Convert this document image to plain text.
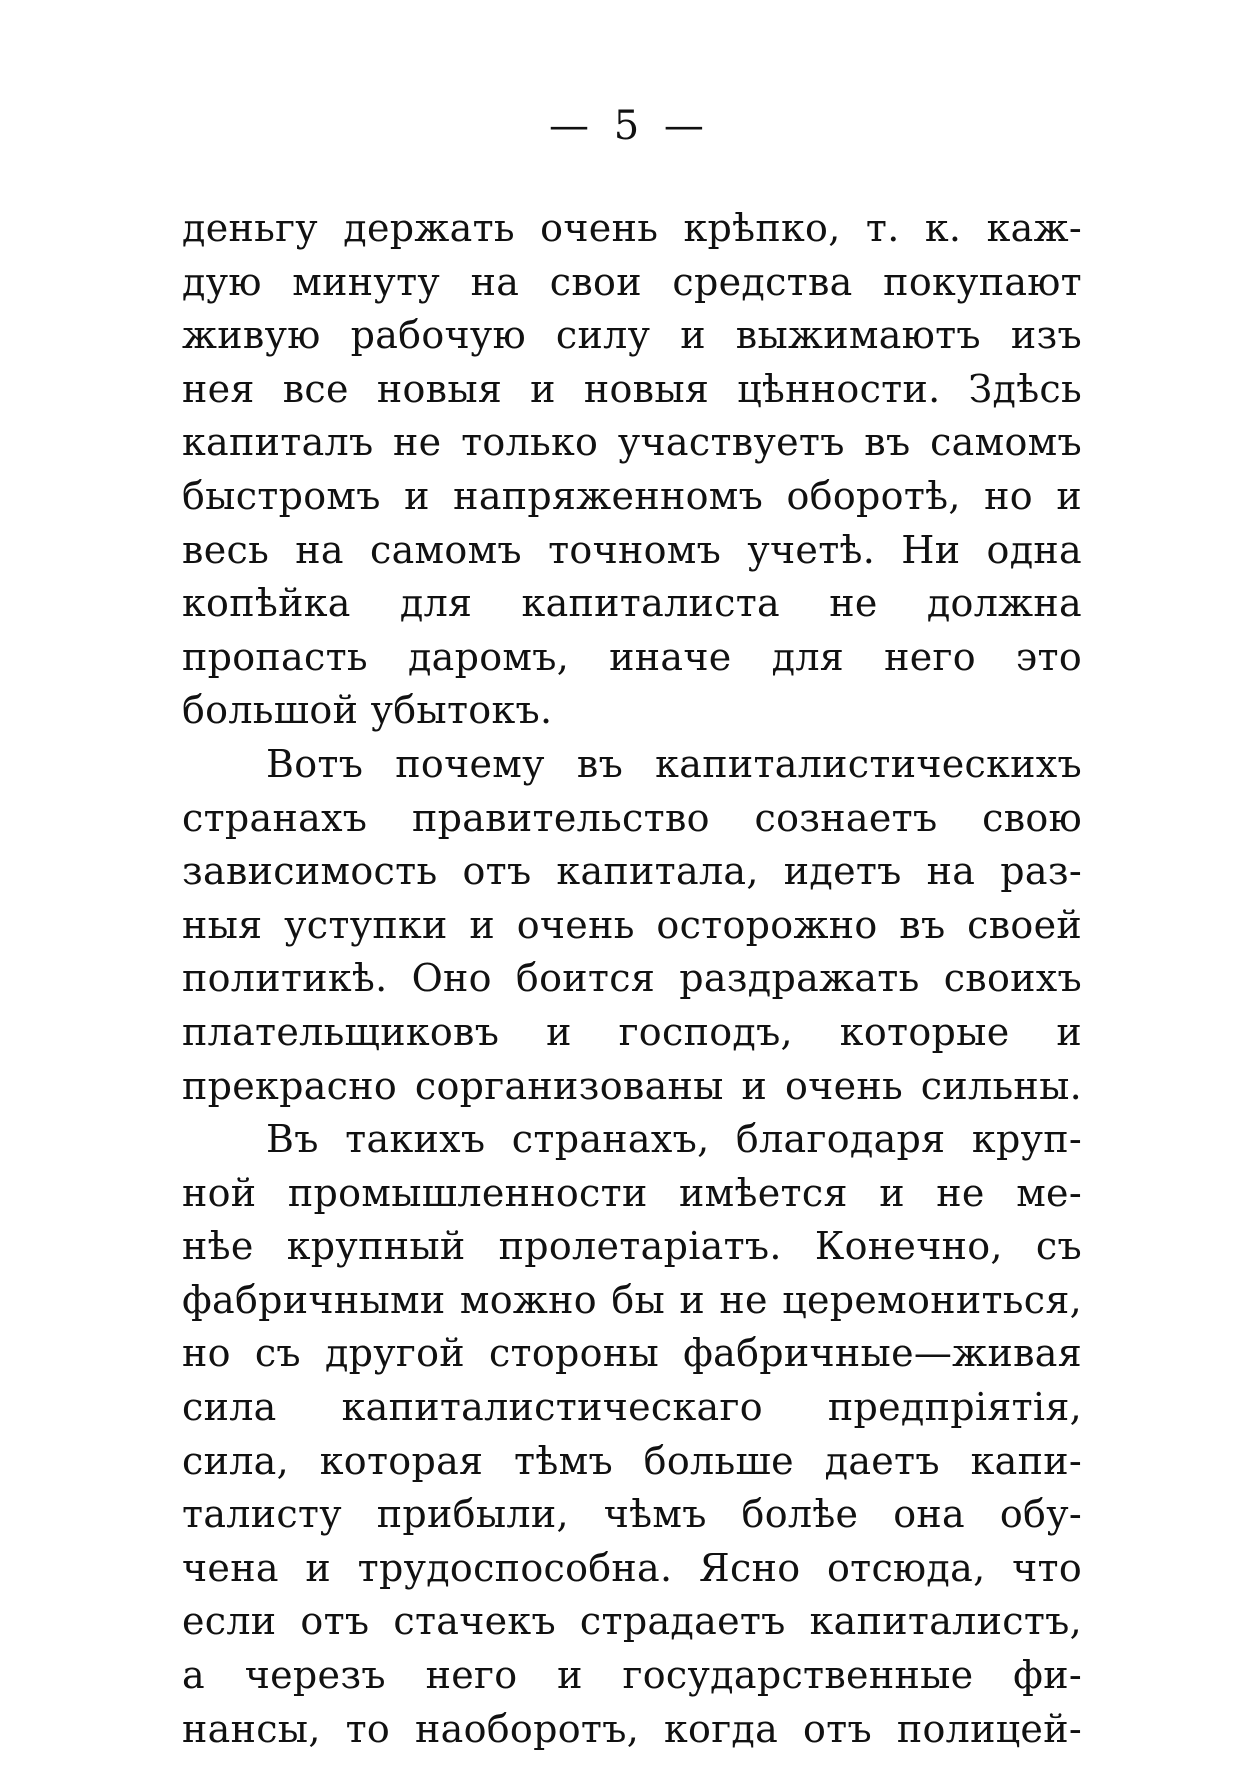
— 5 —
деньгу держать очень крѣпко, т. к. каж-
дую минуту на свои средства покупают
живую рабочую силу и выжимаютъ изъ
нея все новыя и новыя цѣнности. Здѣсь
капиталъ не только участвуетъ въ самомъ
быстромъ и напряженномъ оборотѣ, но и
весь на самомъ точномъ учетѣ. Ни одна
копѣйка для капиталиста не должна
пропасть даромъ, иначе для него это
большой убытокъ.
Вотъ почему въ капиталистическихъ
странахъ правительство сознаетъ свою
зависимость отъ капитала, идетъ на раз-
ныя уступки и очень осторожно въ своей
политикѣ. Оно боится раздражать своихъ
плательщиковъ и господъ, которые и
прекрасно сорганизованы и очень сильны.
Въ такихъ странахъ, благодаря круп-
ной промышленности имѣется и не ме-
нѣе крупный пролетаріатъ. Конечно, съ
фабричными можно бы и не церемониться,
но съ другой стороны фабричные—живая
сила капиталистическаго предпріятія,
сила, которая тѣмъ больше даетъ капи-
талисту прибыли, чѣмъ болѣе она обу-
чена и трудоспособна. Ясно отсюда, что
если отъ стачекъ страдаетъ капиталистъ,
а черезъ него и государственные фи-
нансы, то наоборотъ, когда отъ полицей-
